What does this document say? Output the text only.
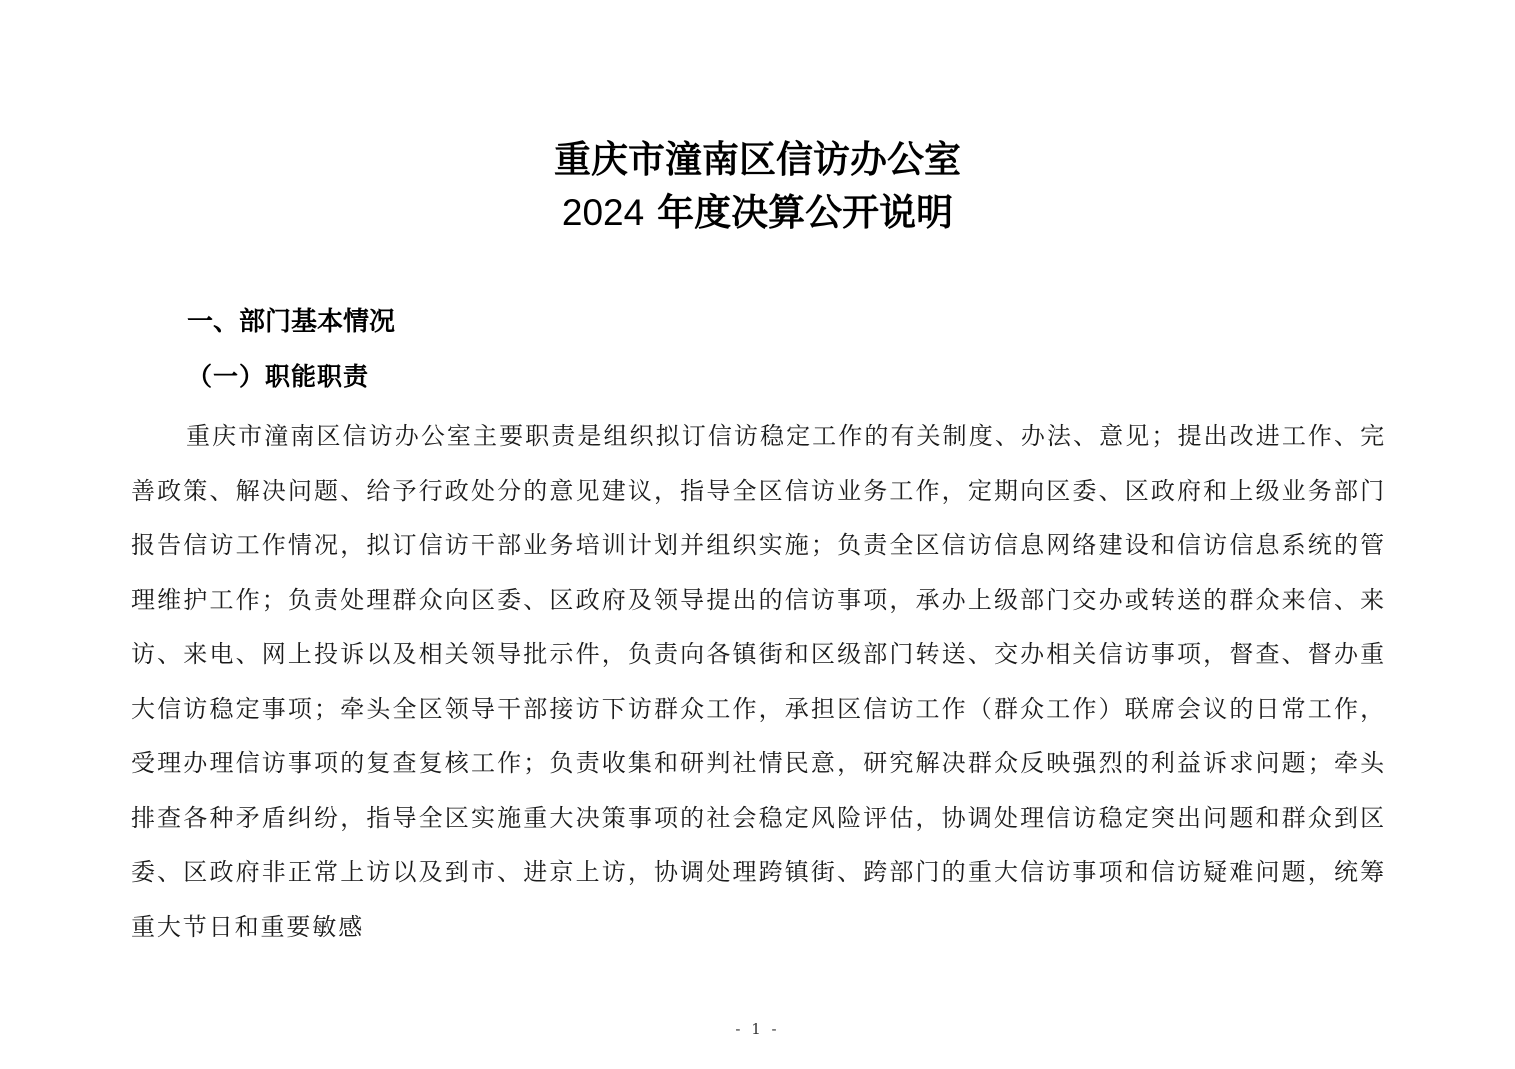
重庆市潼南区信访办公室
2024 年度决算公开说明
一、部门基本情况
（一）职能职责

重庆市潼南区信访办公室主要职责是组织拟订信访稳定工作的有关制度、办法、意见；提出改进工作、完善政策、解决问题、给予行政处分的意见建议，指导全区信访业务工作，定期向区委、区政府和上级业务部门报告信访工作情况，拟订信访干部业务培训计划并组织实施；负责全区信访信息网络建设和信访信息系统的管理维护工作；负责处理群众向区委、区政府及领导提出的信访事项，承办上级部门交办或转送的群众来信、来访、来电、网上投诉以及相关领导批示件，负责向各镇街和区级部门转送、交办相关信访事项，督查、督办重大信访稳定事项；牵头全区领导干部接访下访群众工作，承担区信访工作（群众工作）联席会议的日常工作，受理办理信访事项的复查复核工作；负责收集和研判社情民意，研究解决群众反映强烈的利益诉求问题；牵头排查各种矛盾纠纷，指导全区实施重大决策事项的社会稳定风险评估，协调处理信访稳定突出问题和群众到区委、区政府非正常上访以及到市、进京上访，协调处理跨镇街、跨部门的重大信访事项和信访疑难问题，统筹重大节日和重要敏感

- 1 -
